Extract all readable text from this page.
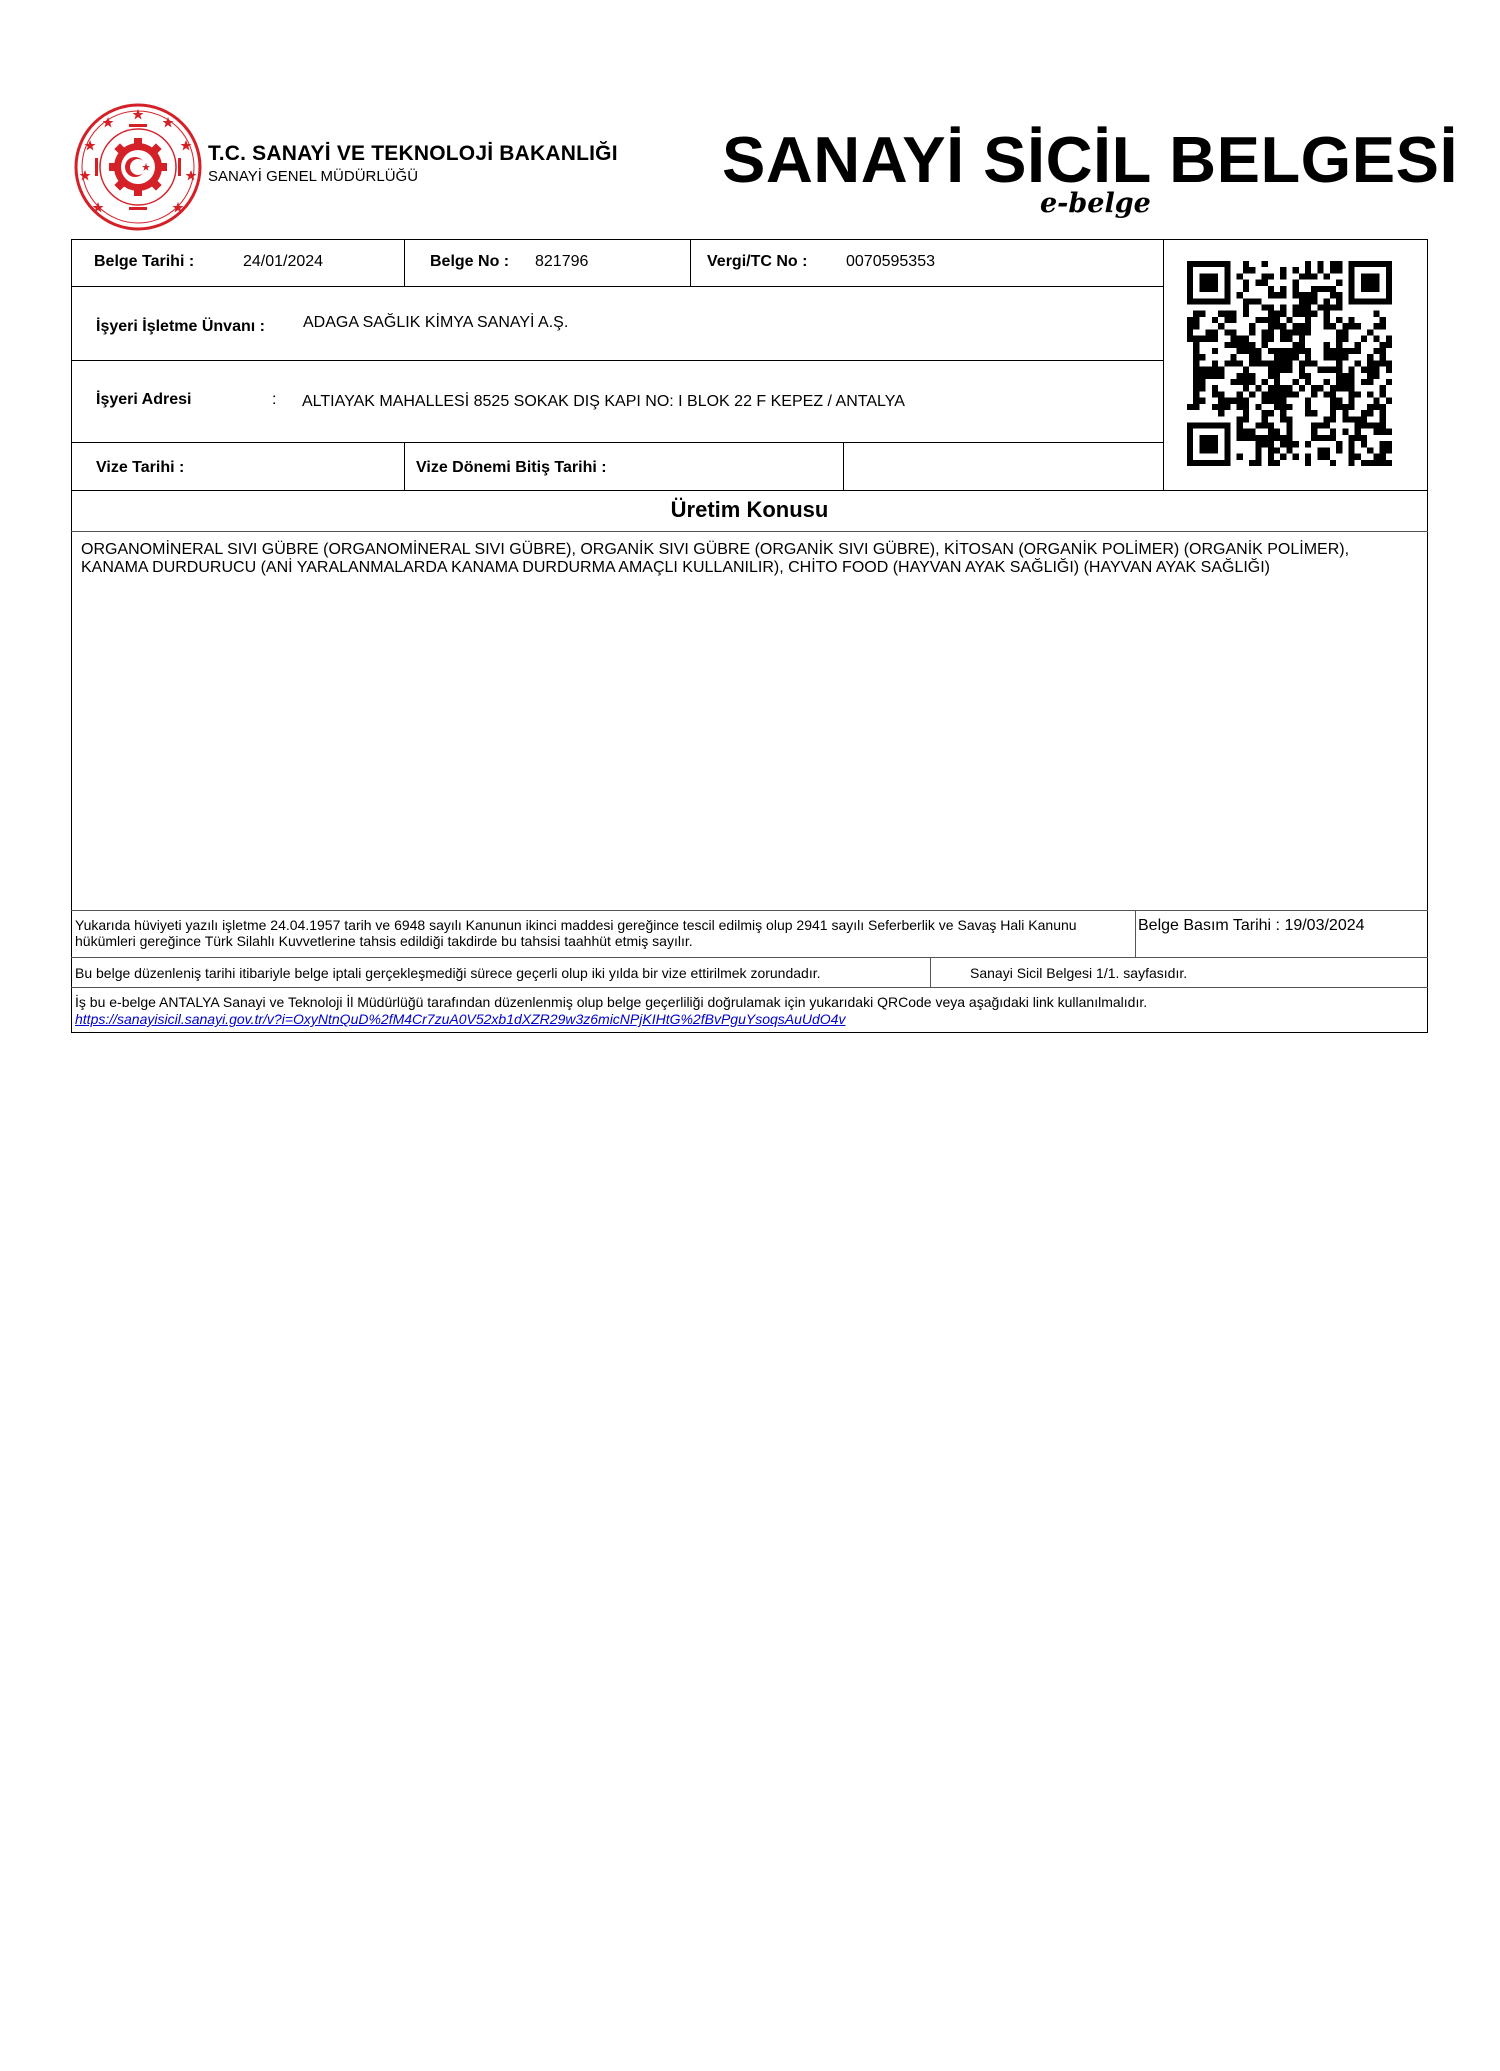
T.C. SANAYİ VE TEKNOLOJİ BAKANLIĞI
SANAYİ GENEL MÜDÜRLÜĞÜ	SANAYİ SİCİL BELGESİ
e-belge
Belge Tarihi :	24/01/2024	Belge No : 821796	Vergi/TC No : 0070595353
İşyeri İşletme Ünvanı : ADAGA SAĞLIK KİMYA SANAYİ A.Ş.
İşyeri Adresi	: ALTIAYAK MAHALLESİ 8525 SOKAK DIŞ KAPI NO: I BLOK 22 F KEPEZ / ANTALYA
Vize Tarihi :	Vize Dönemi Bitiş Tarihi :
Üretim Konusu
ORGANOMİNERAL SIVI GÜBRE (ORGANOMİNERAL SIVI GÜBRE), ORGANİK SIVI GÜBRE (ORGANİK SIVI GÜBRE), KİTOSAN (ORGANİK POLİMER) (ORGANİK POLİMER), KANAMA DURDURUCU (ANİ YARALANMALARDA KANAMA DURDURMA AMAÇLI KULLANILIR), CHİTO FOOD (HAYVAN AYAK SAĞLIĞI) (HAYVAN AYAK SAĞLIĞI)
Yukarıda hüviyeti yazılı işletme 24.04.1957 tarih ve 6948 sayılı Kanunun ikinci maddesi gereğince tescil edilmiş olup 2941 sayılı Seferberlik ve Savaş Hali Kanunu hükümleri gereğince Türk Silahlı Kuvvetlerine tahsis edildiği takdirde bu tahsisi taahhüt etmiş sayılır.
Belge Basım Tarihi : 19/03/2024
Bu belge düzenleniş tarihi itibariyle belge iptali gerçekleşmediği sürece geçerli olup iki yılda bir vize ettirilmek zorundadır.	Sanayi Sicil Belgesi 1/1. sayfasıdır.
İş bu e-belge ANTALYA Sanayi ve Teknoloji İl Müdürlüğü tarafından düzenlenmiş olup belge geçerliliği doğrulamak için yukarıdaki QRCode veya aşağıdaki link kullanılmalıdır.
https://sanayisicil.sanayi.gov.tr/v?i=OxyNtnQuD%2fM4Cr7zuA0V52xb1dXZR29w3z6micNPjKIHtG%2fBvPguYsoqsAuUdO4v
